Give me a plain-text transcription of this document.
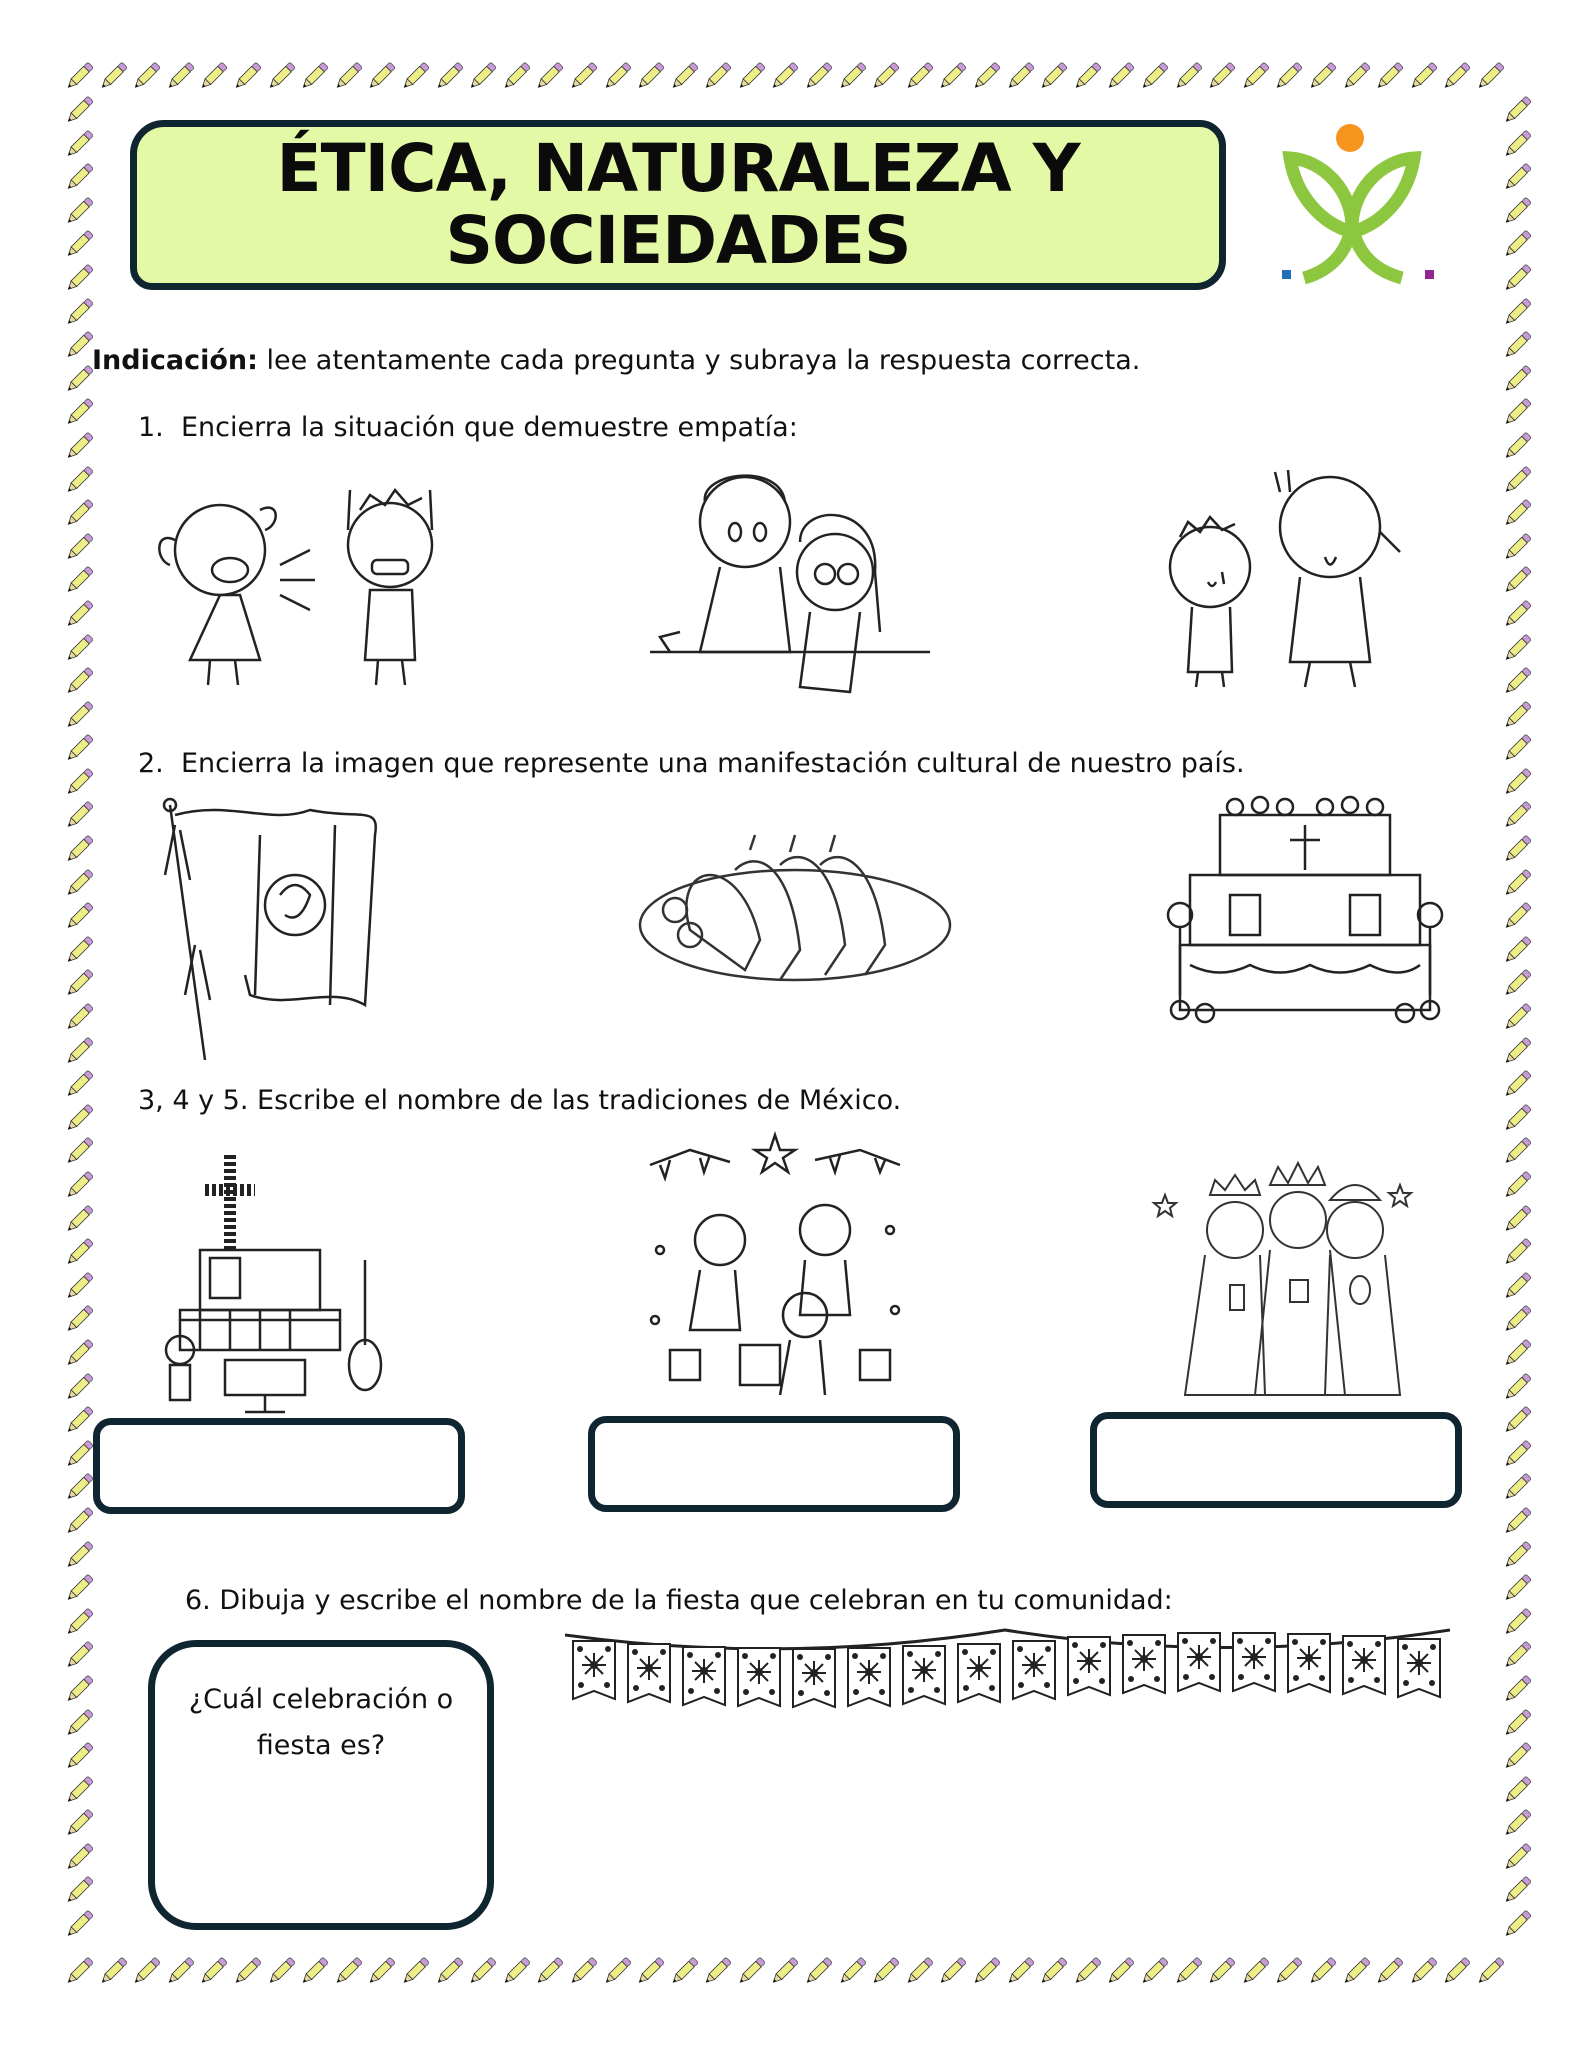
ÉTICA, NATURALEZA Y
SOCIEDADES
Indicación: lee atentamente cada pregunta y subraya la respuesta correcta.
1. Encierra la situación que demuestre empatía:
2. Encierra la imagen que represente una manifestación cultural de nuestro país.
3, 4 y 5. Escribe el nombre de las tradiciones de México.
6. Dibuja y escribe el nombre de la fiesta que celebran en tu comunidad:
¿Cuál celebración o
fiesta es?
